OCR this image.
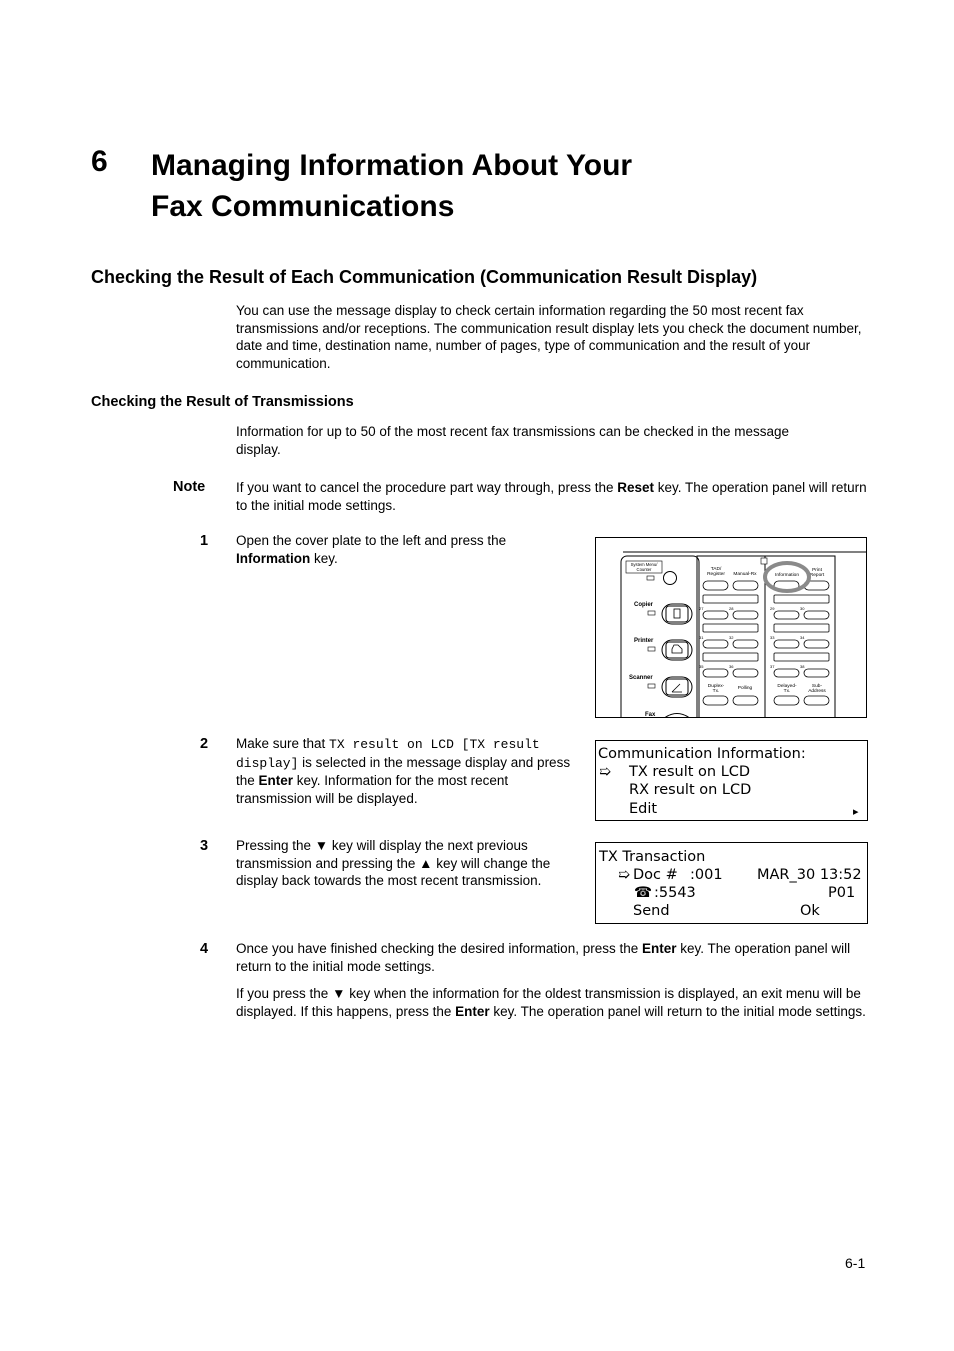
6 Managing Information About Your
Fax Communications
Checking the Result of Each Communication (Communication Result Display)
You can use the message display to check certain information regarding the 50 most recent fax transmissions and/or receptions. The communication result display lets you check the document number, date and time, destination name, number of pages, type of communication and the result of your communication.
Checking the Result of Transmissions
Information for up to 50 of the most recent fax transmissions can be checked in the message display.
Note If you want to cancel the procedure part way through, press the Reset key. The operation panel will return to the initial mode settings.
1 Open the cover plate to the left and press the Information key.	System Menu/
Counter
Copier
Printer
Scanner
Fax
TAD/
Register Manual-Rx	Information
Print
Report
27	28	29	30
31	32	33	34
35	36	37	38
Duplex-
Tx.
Polling	Delayed-
Tx.
Sub-
Address
2 Make sure that TX result on LCD [TX result display] is selected in the message display and press the Enter key. Information for the most recent transmission will be displayed.
Communication Information:
➯ TX result on LCD
RX result on LCD
Edit	▸
3 Pressing the ▼ key will display the next previous transmission and pressing the ▲ key will change the display back towards the most recent transmission.
TX Transaction
➯ Doc # :001 MAR_30 13:52
☎ :5543	P01
Send	Ok
4 Once you have finished checking the desired information, press the Enter key. The operation panel will return to the initial mode settings.
If you press the ▼ key when the information for the oldest transmission is displayed, an exit menu will be displayed. If this happens, press the Enter key. The operation panel will return to the initial mode settings.
6-1
